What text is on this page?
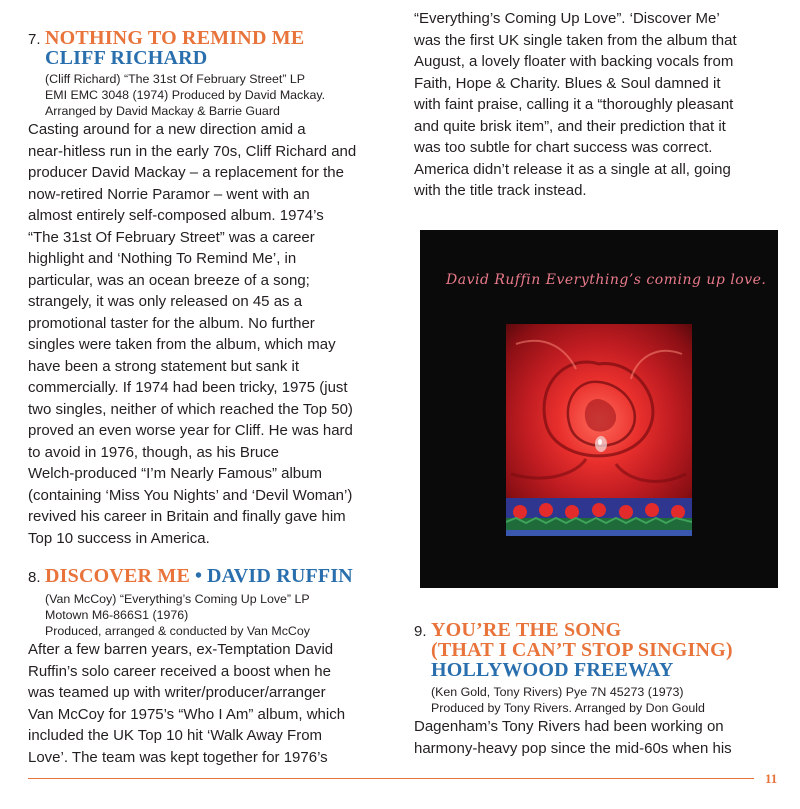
7. NOTHING TO REMIND ME
CLIFF RICHARD
(Cliff Richard) “The 31st Of February Street” LP
EMI EMC 3048 (1974) Produced by David Mackay.
Arranged by David Mackay & Barrie Guard

Casting around for a new direction amid a

near-hitless run in the early 70s, Cliff Richard and

producer David Mackay – a replacement for the

now-retired Norrie Paramor – went with an

almost entirely self-composed album. 1974’s

“The 31st Of February Street” was a career

highlight and ‘Nothing To Remind Me’, in

particular, was an ocean breeze of a song;

strangely, it was only released on 45 as a

promotional taster for the album. No further

singles were taken from the album, which may

have been a strong statement but sank it

commercially. If 1974 had been tricky, 1975 (just

two singles, neither of which reached the Top 50)

proved an even worse year for Cliff. He was hard

to avoid in 1976, though, as his Bruce

Welch-produced “I’m Nearly Famous” album

(containing ‘Miss You Nights’ and ‘Devil Woman’)

revived his career in Britain and finally gave him

Top 10 success in America.

8. DISCOVER ME • DAVID RUFFIN
(Van McCoy) “Everything’s Coming Up Love” LP
Motown M6-866S1 (1976)
Produced, arranged & conducted by Van McCoy

After a few barren years, ex-Temptation David

Ruffin’s solo career received a boost when he

was teamed up with writer/producer/arranger

Van McCoy for 1975’s “Who I Am” album, which

included the UK Top 10 hit ‘Walk Away From

Love’. The team was kept together for 1976’s

“Everything’s Coming Up Love”. ‘Discover Me’

was the first UK single taken from the album that

August, a lovely floater with backing vocals from

Faith, Hope & Charity. Blues & Soul damned it

with faint praise, calling it a “thoroughly pleasant

and quite brisk item”, and their prediction that it

was too subtle for chart success was correct.

America didn’t release it as a single at all, going

with the title track instead.

David Ruffin Everything’s coming up love.
9. YOU’RE THE SONG
(THAT I CAN’T STOP SINGING)
HOLLYWOOD FREEWAY
(Ken Gold, Tony Rivers) Pye 7N 45273 (1973)
Produced by Tony Rivers. Arranged by Don Gould

Dagenham’s Tony Rivers had been working on

harmony-heavy pop since the mid-60s when his

11
